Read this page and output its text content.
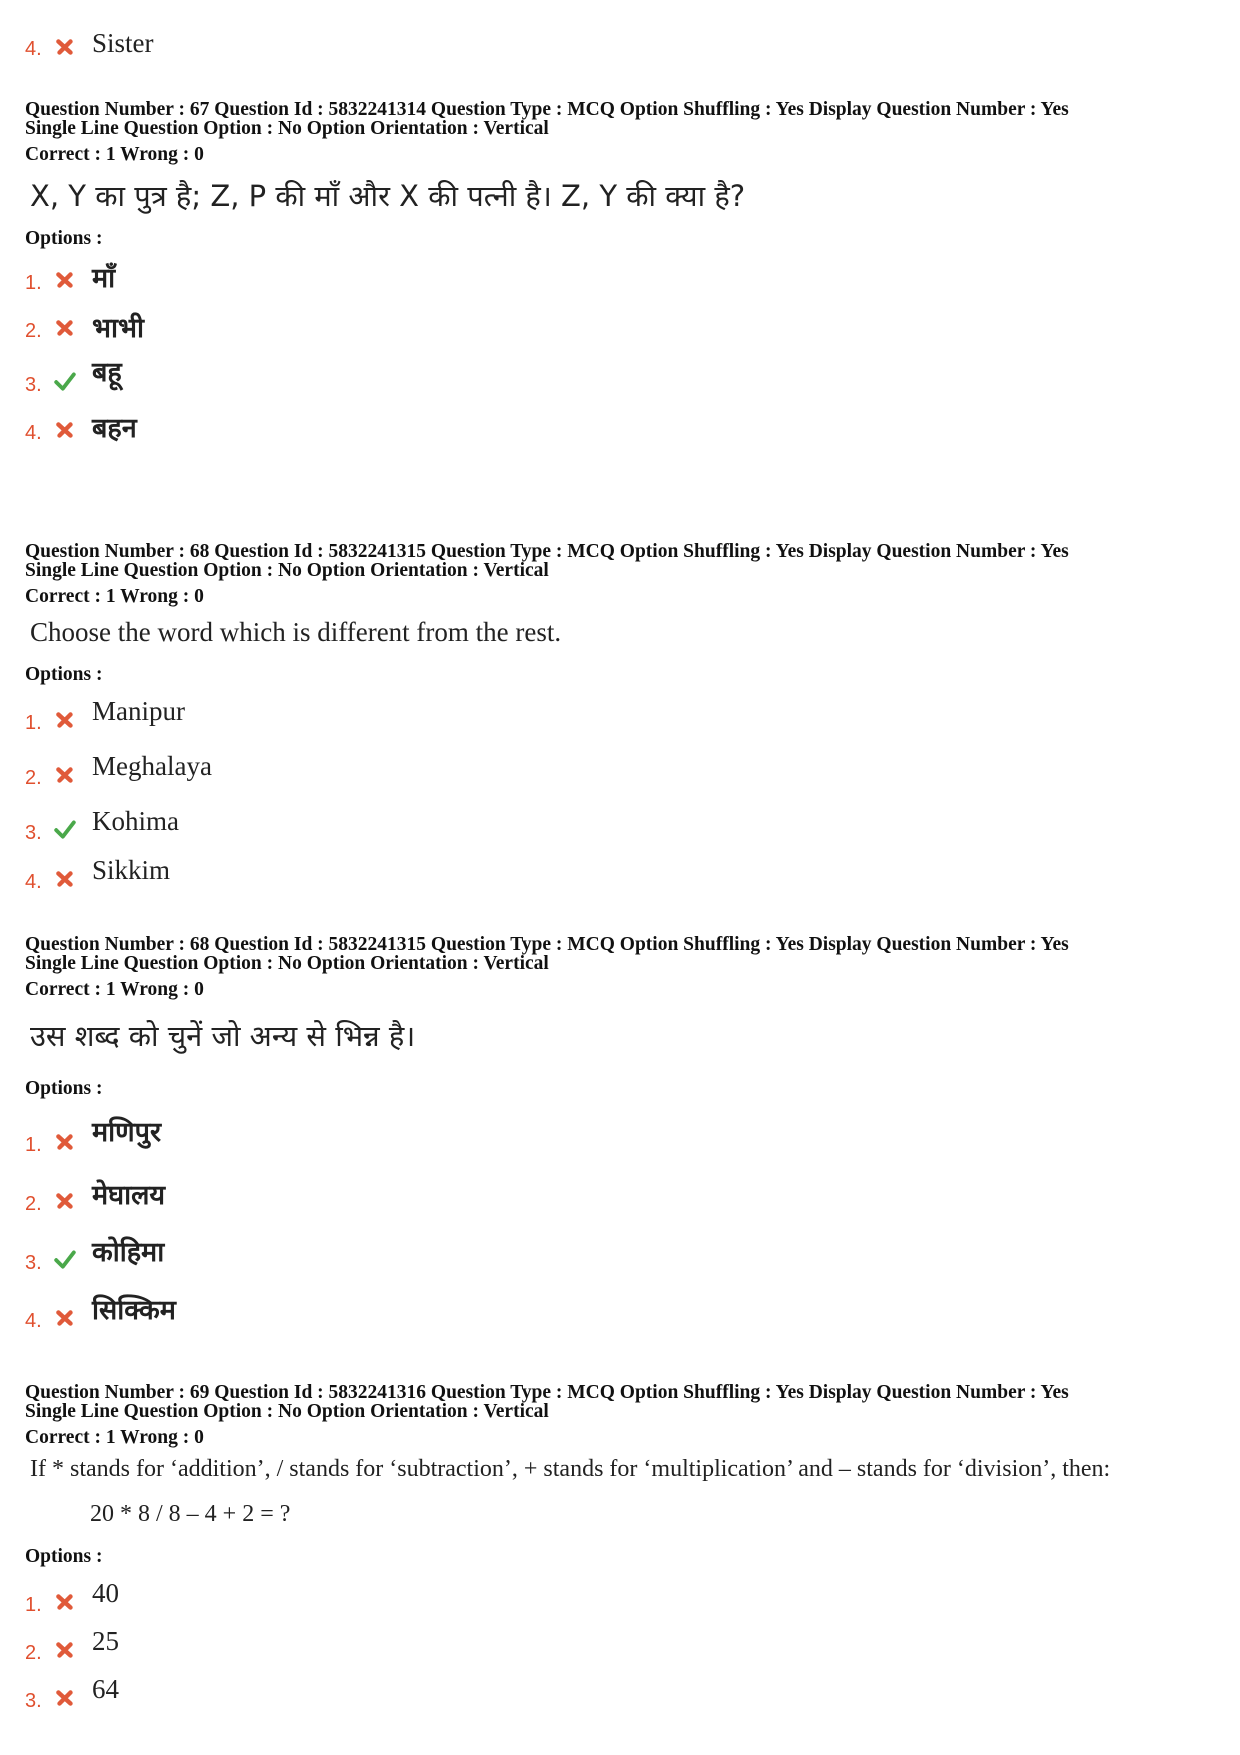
4. Sister
Question Number : 67 Question Id : 5832241314 Question Type : MCQ Option Shuffling : Yes Display Question Number : Yes
Single Line Question Option : No Option Orientation : Vertical
Correct : 1 Wrong : 0
X, Y का पुत्र है; Z, P की माँ और X की पत्नी है। Z, Y की क्या है?
Options :
1. माँ
2. भाभी
3. बहू
4. बहन
Question Number : 68 Question Id : 5832241315 Question Type : MCQ Option Shuffling : Yes Display Question Number : Yes
Single Line Question Option : No Option Orientation : Vertical
Correct : 1 Wrong : 0
Choose the word which is different from the rest.
Options :
1. Manipur
2. Meghalaya
3. Kohima
4. Sikkim
Question Number : 68 Question Id : 5832241315 Question Type : MCQ Option Shuffling : Yes Display Question Number : Yes
Single Line Question Option : No Option Orientation : Vertical
Correct : 1 Wrong : 0
उस शब्द को चुनें जो अन्य से भिन्न है।
Options :
1. मणिपुर
2. मेघालय
3. कोहिमा
4. सिक्किम
Question Number : 69 Question Id : 5832241316 Question Type : MCQ Option Shuffling : Yes Display Question Number : Yes
Single Line Question Option : No Option Orientation : Vertical
Correct : 1 Wrong : 0
If * stands for ‘addition’, / stands for ‘subtraction’, + stands for ‘multiplication’ and – stands for ‘division’, then:
20 * 8 / 8 – 4 + 2 = ?
Options :
1. 40
2. 25
3. 64
